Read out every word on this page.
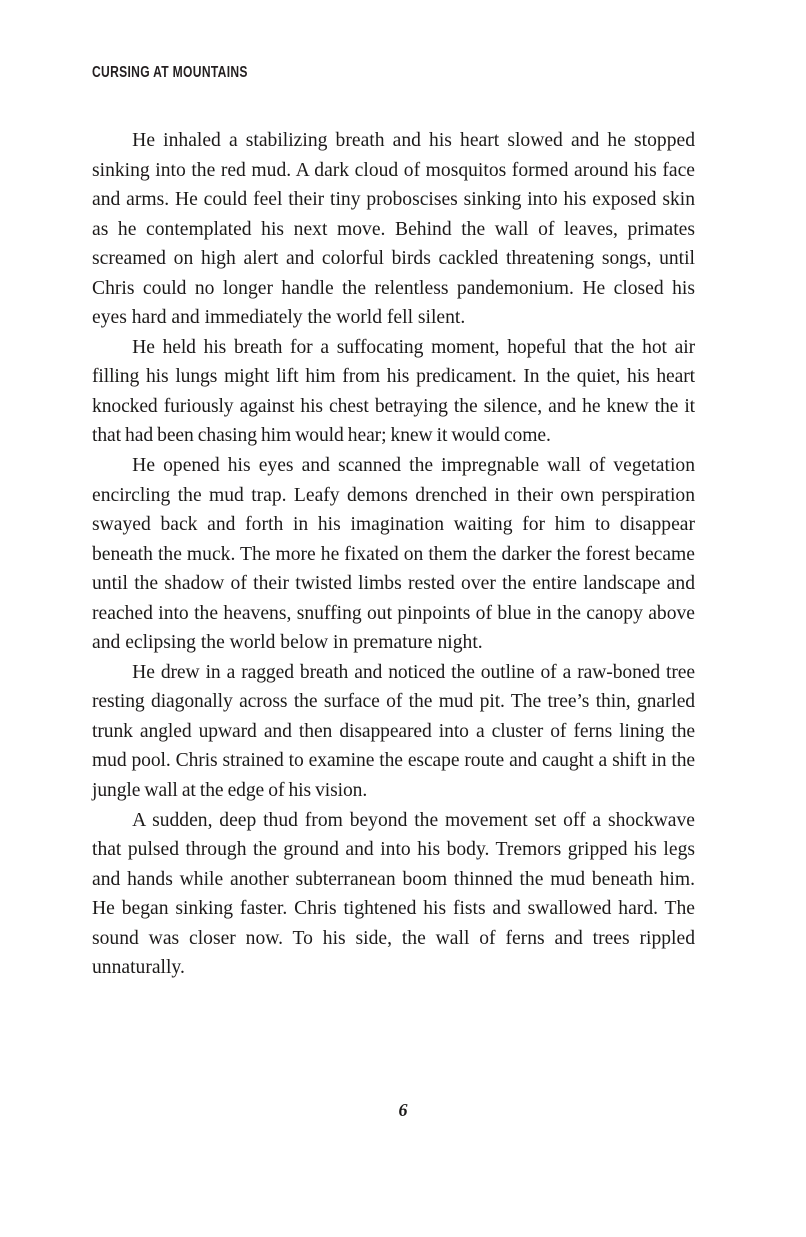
CURSING AT MOUNTAINS

He inhaled a stabilizing breath and his heart slowed and he stopped sinking into the red mud. A dark cloud of mosquitos formed around his face and arms. He could feel their tiny proboscises sinking into his exposed skin as he contemplated his next move. Behind the wall of leaves, primates screamed on high alert and colorful birds cackled threatening songs, until Chris could no longer handle the relentless pandemonium. He closed his eyes hard and immediately the world fell silent.

He held his breath for a suffocating moment, hopeful that the hot air filling his lungs might lift him from his predicament. In the quiet, his heart knocked furiously against his chest betraying the silence, and he knew the it that had been chasing him would hear; knew it would come.

He opened his eyes and scanned the impregnable wall of vegetation encircling the mud trap. Leafy demons drenched in their own perspiration swayed back and forth in his imagination waiting for him to disappear beneath the muck. The more he fixated on them the darker the forest became until the shadow of their twisted limbs rested over the entire landscape and reached into the heavens, snuffing out pinpoints of blue in the canopy above and eclipsing the world below in premature night.

He drew in a ragged breath and noticed the outline of a raw-boned tree resting diagonally across the surface of the mud pit. The tree’s thin, gnarled trunk angled upward and then disappeared into a cluster of ferns lining the mud pool. Chris strained to examine the escape route and caught a shift in the jungle wall at the edge of his vision.

A sudden, deep thud from beyond the movement set off a shockwave that pulsed through the ground and into his body. Tremors gripped his legs and hands while another subterranean boom thinned the mud beneath him. He began sinking faster. Chris tightened his fists and swallowed hard. The sound was closer now. To his side, the wall of ferns and trees rippled unnaturally.

6
